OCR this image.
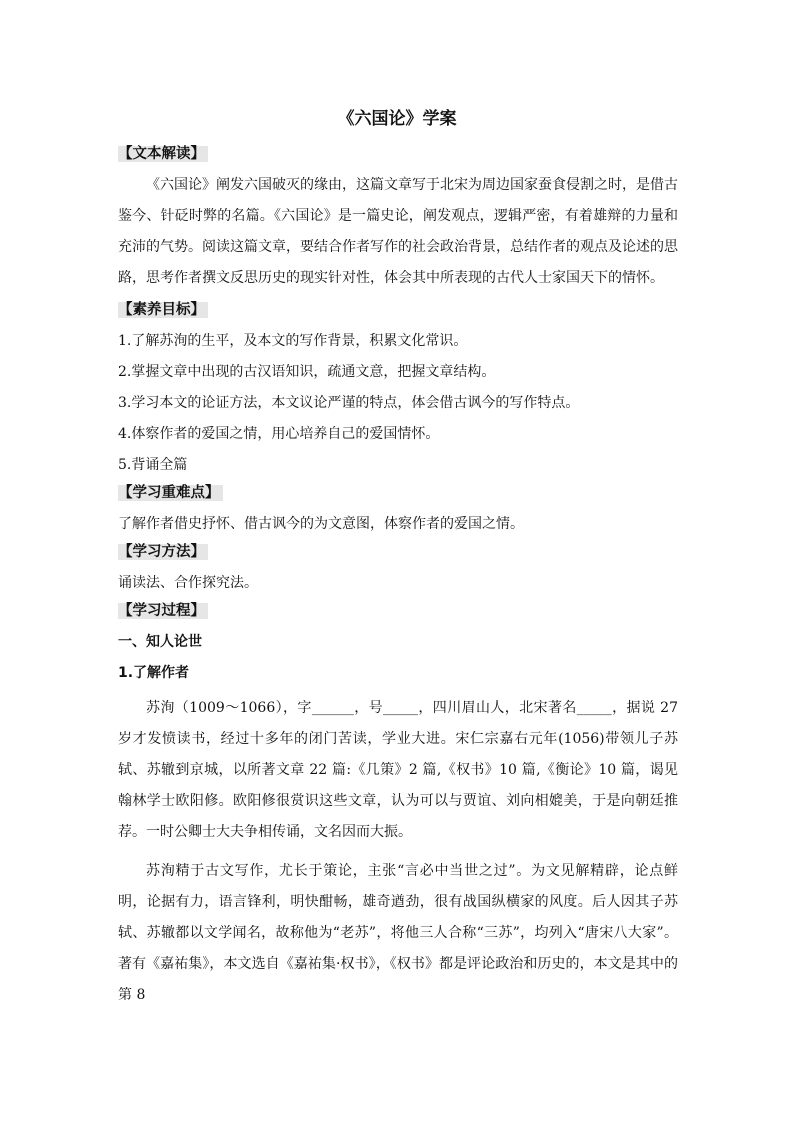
《六国论》学案
【文本解读】

《六国论》阐发六国破灭的缘由，这篇文章写于北宋为周边国家蚕食侵割之时，是借古鉴今、针砭时弊的名篇。《六国论》是一篇史论，阐发观点，逻辑严密，有着雄辩的力量和充沛的气势。阅读这篇文章，要结合作者写作的社会政治背景，总结作者的观点及论述的思路，思考作者撰文反思历史的现实针对性，体会其中所表现的古代人士家国天下的情怀。

【素养目标】

1.了解苏洵的生平，及本文的写作背景，积累文化常识。

2.掌握文章中出现的古汉语知识，疏通文意，把握文章结构。

3.学习本文的论证方法，本文议论严谨的特点，体会借古讽今的写作特点。

4.体察作者的爱国之情，用心培养自己的爱国情怀。

5.背诵全篇

【学习重难点】

了解作者借史抒怀、借古讽今的为文意图，体察作者的爱国之情。

【学习方法】

诵读法、合作探究法。

【学习过程】

一、知人论世

1.了解作者

苏洵（1009～1066），字______，号_____，四川眉山人，北宋著名_____，据说 27 岁才发愤读书，经过十多年的闭门苦读，学业大进。宋仁宗嘉右元年(1056)带领儿子苏轼、苏辙到京城，以所著文章 22 篇:《几策》2 篇,《权书》10 篇,《衡论》10 篇，谒见翰林学士欧阳修。欧阳修很赏识这些文章，认为可以与贾谊、刘向相媲美，于是向朝廷推荐。一时公卿士大夫争相传诵，文名因而大振。

苏洵精于古文写作，尤长于策论，主张“言必中当世之过”。为文见解精辟，论点鲜明，论据有力，语言锋利，明快酣畅，雄奇遒劲，很有战国纵横家的风度。后人因其子苏轼、苏辙都以文学闻名，故称他为“老苏”，将他三人合称“三苏”，均列入“唐宋八大家”。著有《嘉祐集》，本文选自《嘉祐集·权书》，《权书》都是评论政治和历史的，本文是其中的第 8
